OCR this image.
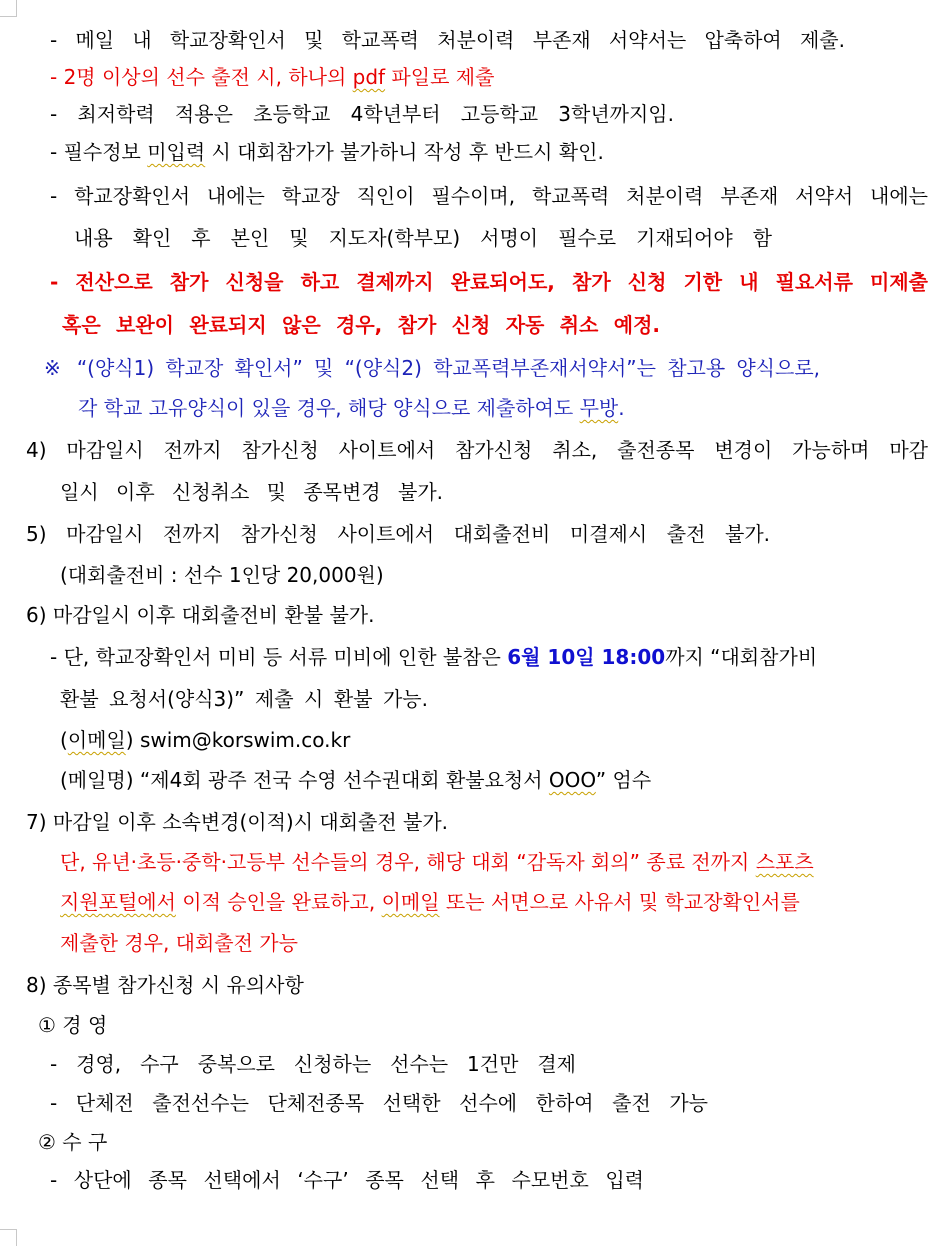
- 메일 내 학교장확인서 및 학교폭력 처분이력 부존재 서약서는 압축하여 제출.
- 2명 이상의 선수 출전 시, 하나의 pdf 파일로 제출
- 최저학력 적용은 초등학교 4학년부터 고등학교 3학년까지임.
- 필수정보 미입력 시 대회참가가 불가하니 작성 후 반드시 확인.
- 학교장확인서 내에는 학교장 직인이 필수이며, 학교폭력 처분이력 부존재 서약서 내에는
내용 확인 후 본인 및 지도자(학부모) 서명이 필수로 기재되어야 함
- 전산으로 참가 신청을 하고 결제까지 완료되어도, 참가 신청 기한 내 필요서류 미제출
혹은 보완이 완료되지 않은 경우, 참가 신청 자동 취소 예정.
※ “(양식1) 학교장 확인서” 및 “(양식2) 학교폭력부존재서약서”는 참고용 양식으로,
각 학교 고유양식이 있을 경우, 해당 양식으로 제출하여도 무방.
4) 마감일시 전까지 참가신청 사이트에서 참가신청 취소, 출전종목 변경이 가능하며 마감
일시 이후 신청취소 및 종목변경 불가.
5) 마감일시 전까지 참가신청 사이트에서 대회출전비 미결제시 출전 불가.
(대회출전비 : 선수 1인당 20,000원)
6) 마감일시 이후 대회출전비 환불 불가.
- 단, 학교장확인서 미비 등 서류 미비에 인한 불참은 6월 10일 18:00까지 “대회참가비
환불 요청서(양식3)” 제출 시 환불 가능.
(이메일) swim@korswim.co.kr
(메일명) “제4회 광주 전국 수영 선수권대회 환불요청서 OOO” 엄수
7) 마감일 이후 소속변경(이적)시 대회출전 불가.
단, 유년·초등·중학·고등부 선수들의 경우, 해당 대회 “감독자 회의” 종료 전까지 스포츠
지원포털에서 이적 승인을 완료하고, 이메일 또는 서면으로 사유서 및 학교장확인서를
제출한 경우, 대회출전 가능
8) 종목별 참가신청 시 유의사항
① 경 영
- 경영, 수구 중복으로 신청하는 선수는 1건만 결제
- 단체전 출전선수는 단체전종목 선택한 선수에 한하여 출전 가능
② 수 구
- 상단에 종목 선택에서 ‘수구’ 종목 선택 후 수모번호 입력
